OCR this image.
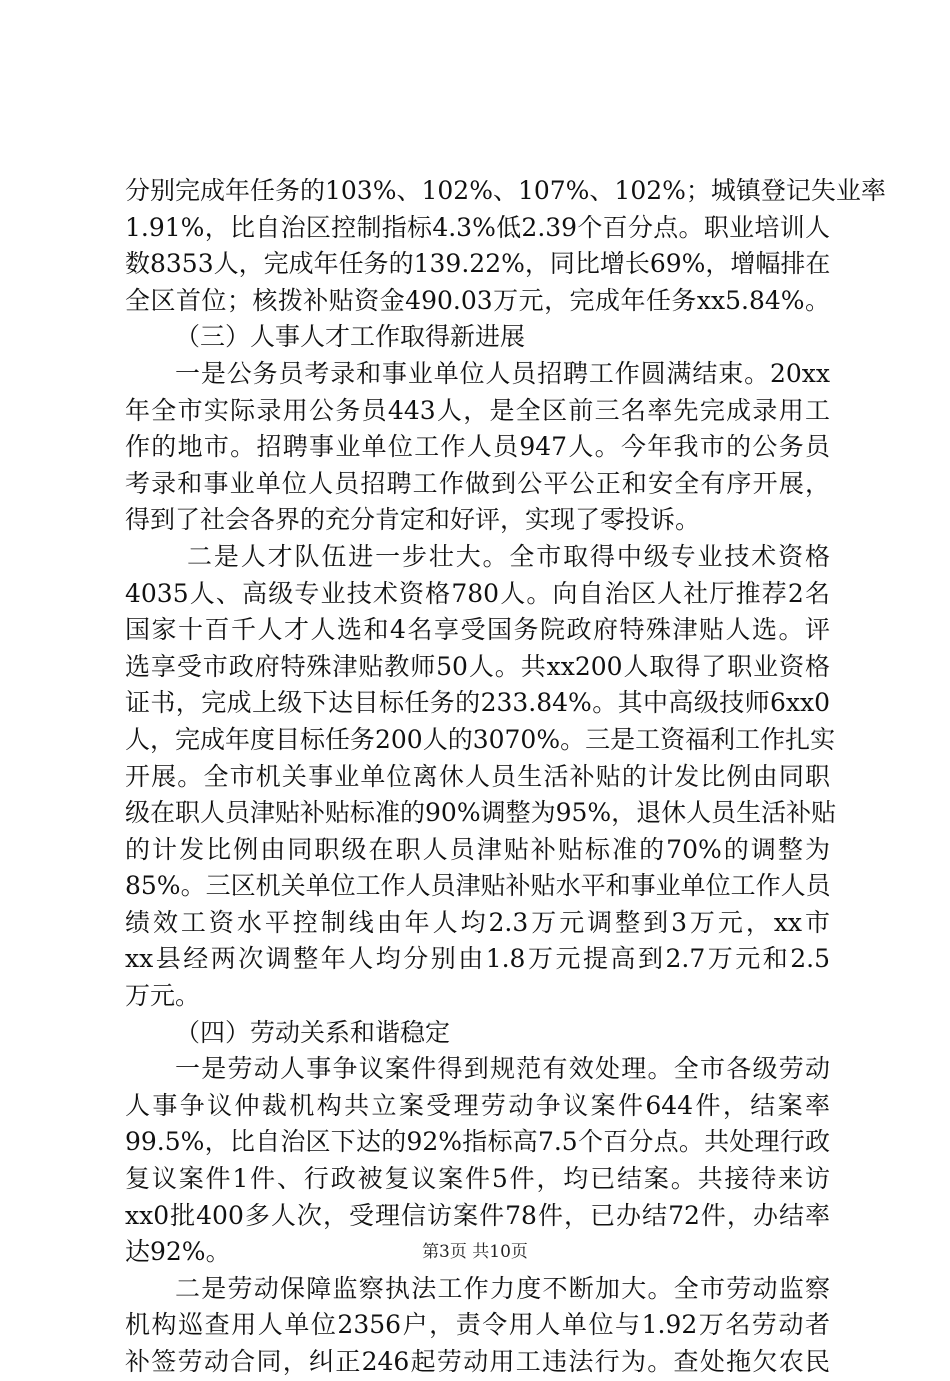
分别完成年任务的103%、102%、107%、102%；城镇登记失业率
1.91%，比自治区控制指标4.3%低2.39个百分点。职业培训人
数8353人，完成年任务的139.22%，同比增长69%，增幅排在
全区首位；核拨补贴资金490.03万元，完成年任务xx5.84%。
（三）人事人才工作取得新进展
一是公务员考录和事业单位人员招聘工作圆满结束。20xx
年全市实际录用公务员443人，是全区前三名率先完成录用工
作的地市。招聘事业单位工作人员947人。今年我市的公务员
考录和事业单位人员招聘工作做到公平公正和安全有序开展，
得到了社会各界的充分肯定和好评，实现了零投诉。
二是人才队伍进一步壮大。全市取得中级专业技术资格
4035人、高级专业技术资格780人。向自治区人社厅推荐2名
国家十百千人才人选和4名享受国务院政府特殊津贴人选。评
选享受市政府特殊津贴教师50人。共xx200人取得了职业资格
证书，完成上级下达目标任务的233.84%。其中高级技师6xx0
人，完成年度目标任务200人的3070%。三是工资福利工作扎实
开展。全市机关事业单位离休人员生活补贴的计发比例由同职
级在职人员津贴补贴标准的90%调整为95%，退休人员生活补贴
的计发比例由同职级在职人员津贴补贴标准的70%的调整为
85%。三区机关单位工作人员津贴补贴水平和事业单位工作人员
绩效工资水平控制线由年人均2.3万元调整到3万元，xx市
xx县经两次调整年人均分别由1.8万元提高到2.7万元和2.5
万元。
（四）劳动关系和谐稳定
一是劳动人事争议案件得到规范有效处理。全市各级劳动
人事争议仲裁机构共立案受理劳动争议案件644件，结案率
99.5%，比自治区下达的92%指标高7.5个百分点。共处理行政
复议案件1件、行政被复议案件5件，均已结案。共接待来访
xx0批400多人次，受理信访案件78件，已办结72件，办结率
达92%。
二是劳动保障监察执法工作力度不断加大。全市劳动监察
机构巡查用人单位2356户，责令用人单位与1.92万名劳动者
补签劳动合同，纠正246起劳动用工违法行为。查处拖欠农民
第3页 共10页
